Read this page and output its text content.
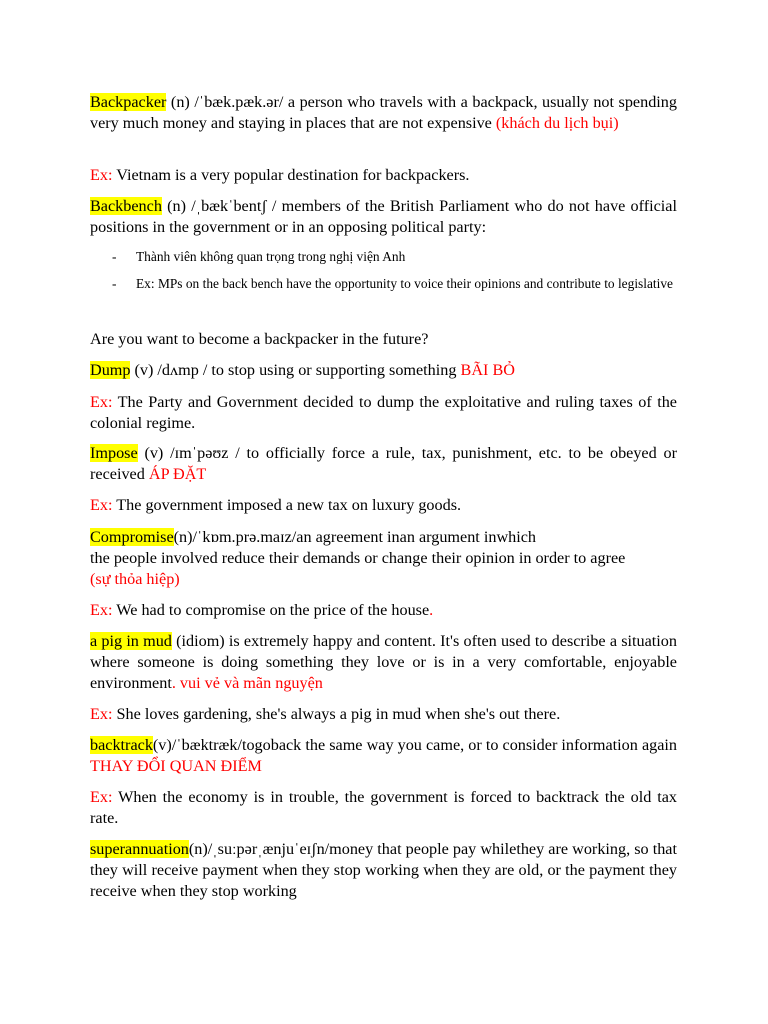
Backpacker (n) /ˈbæk.pæk.ər/ a person who travels with a backpack, usually not spending very much money and staying in places that are not expensive (khách du lịch bụi)

Ex: Vietnam is a very popular destination for backpackers.

Backbench (n) /ˌbækˈbentʃ / members of the British Parliament who do not have official positions in the government or in an opposing political party:

- Thành viên không quan trọng trong nghị viện Anh
- Ex: MPs on the back bench have the opportunity to voice their opinions and contribute to legislative

Are you want to become a backpacker in the future?

Dump (v) /dʌmp / to stop using or supporting something BÃI BỎ

Ex: The Party and Government decided to dump the exploitative and ruling taxes of the colonial regime.

Impose (v) /ɪmˈpəʊz / to officially force a rule, tax, punishment, etc. to be obeyed or received ÁP ĐẶT

Ex: The government imposed a new tax on luxury goods.

Compromise(n)/ˈkɒm.prə.maɪz/an agreement inan argument inwhich

the people involved reduce their demands or change their opinion in order to agree

(sự thỏa hiệp)

Ex: We had to compromise on the price of the house.

a pig in mud (idiom) is extremely happy and content. It's often used to describe a situation where someone is doing something they love or is in a very comfortable, enjoyable environment. vui vẻ và mãn nguyện

Ex: She loves gardening, she's always a pig in mud when she's out there.

backtrack(v)/ˈbæktræk/togoback the same way you came, or to consider information again THAY ĐỔI QUAN ĐIỂM

Ex: When the economy is in trouble, the government is forced to backtrack the old tax rate.

superannuation(n)/ˌsuːpərˌænjuˈeɪʃn/money that people pay whilethey are working, so that they will receive payment when they stop working when they are old, or the payment they receive when they stop working
